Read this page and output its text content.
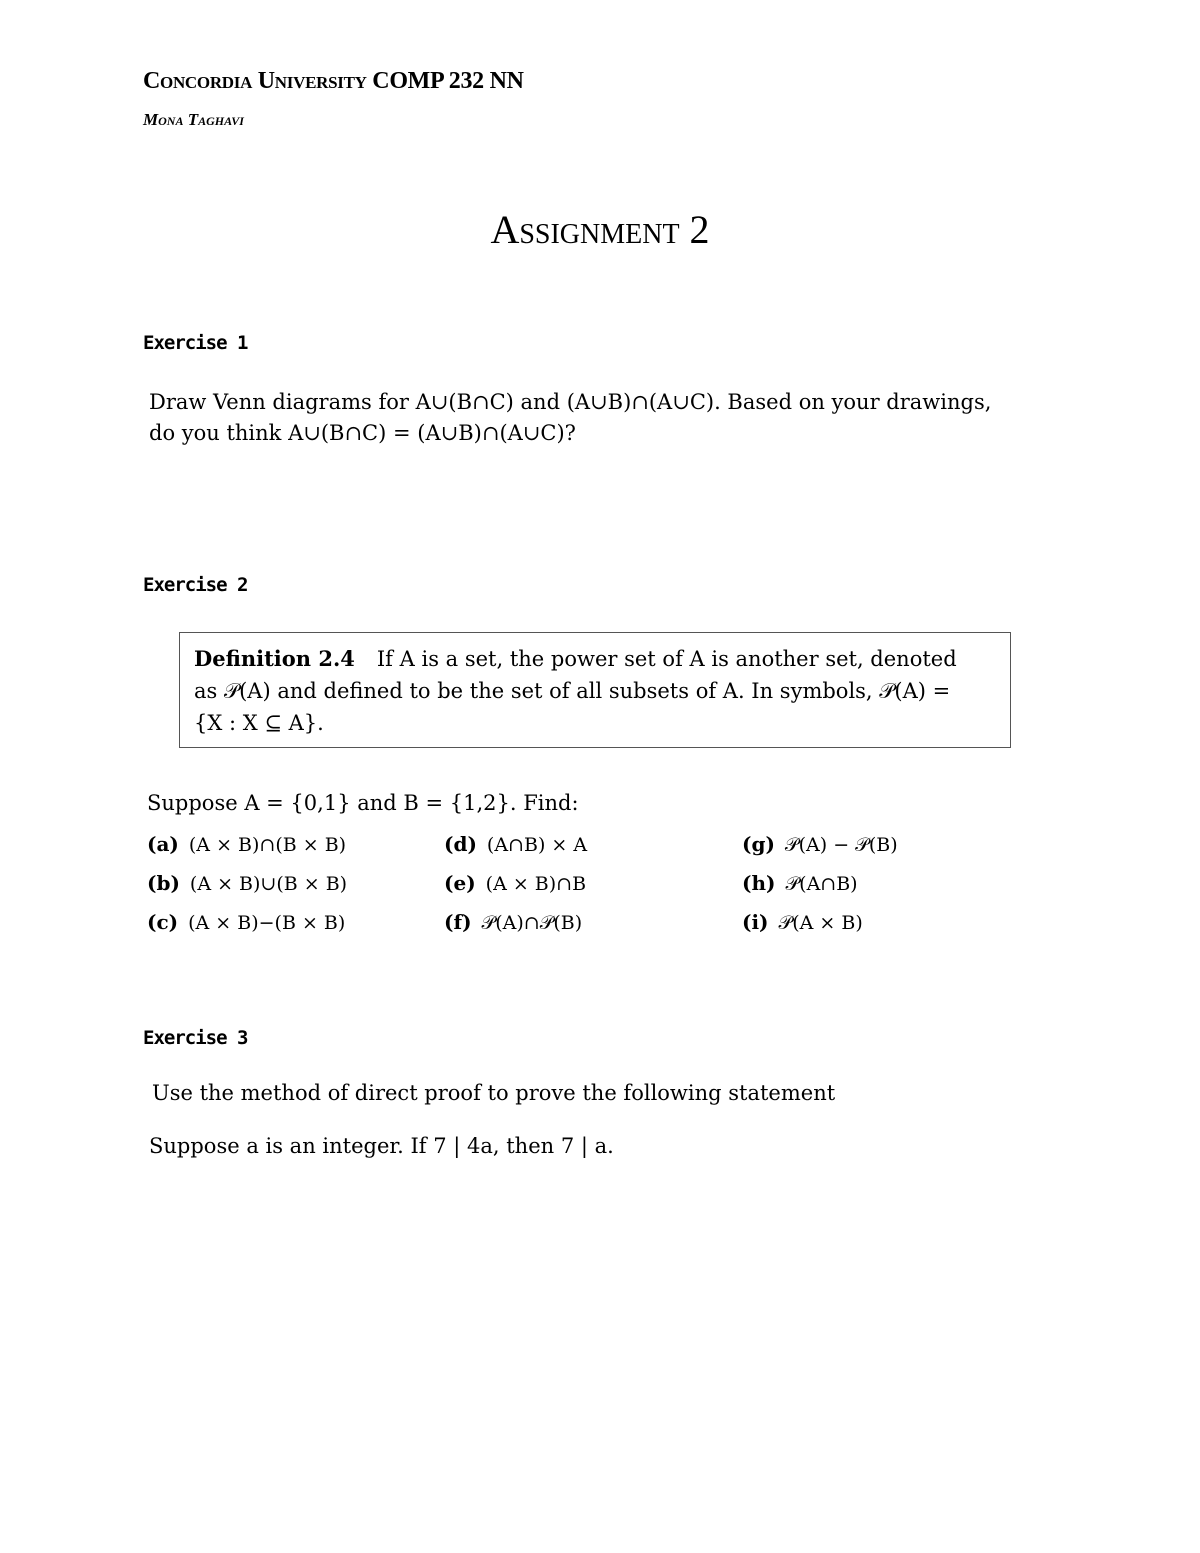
Concordia University COMP 232 NN
Mona Taghavi
Assignment 2
Exercise 1
Draw Venn diagrams for A∪(B∩C) and (A∪B)∩(A∪C). Based on your drawings,
do you think A∪(B∩C) = (A∪B)∩(A∪C)?
Exercise 2
Definition 2.4 If A is a set, the power set of A is another set, denoted
as 𝒫(A) and defined to be the set of all subsets of A. In symbols, 𝒫(A) =
{X : X ⊆ A}.
Suppose A = {0,1} and B = {1,2}. Find:
(a) (A × B)∩(B × B)
(b) (A × B)∪(B × B)
(c) (A × B)−(B × B)
(d) (A∩B) × A
(e) (A × B)∩B
(f) 𝒫(A)∩𝒫(B)
(g) 𝒫(A) − 𝒫(B)
(h) 𝒫(A∩B)
(i) 𝒫(A × B)
Exercise 3
Use the method of direct proof to prove the following statement
Suppose a is an integer. If 7 | 4a, then 7 | a.
